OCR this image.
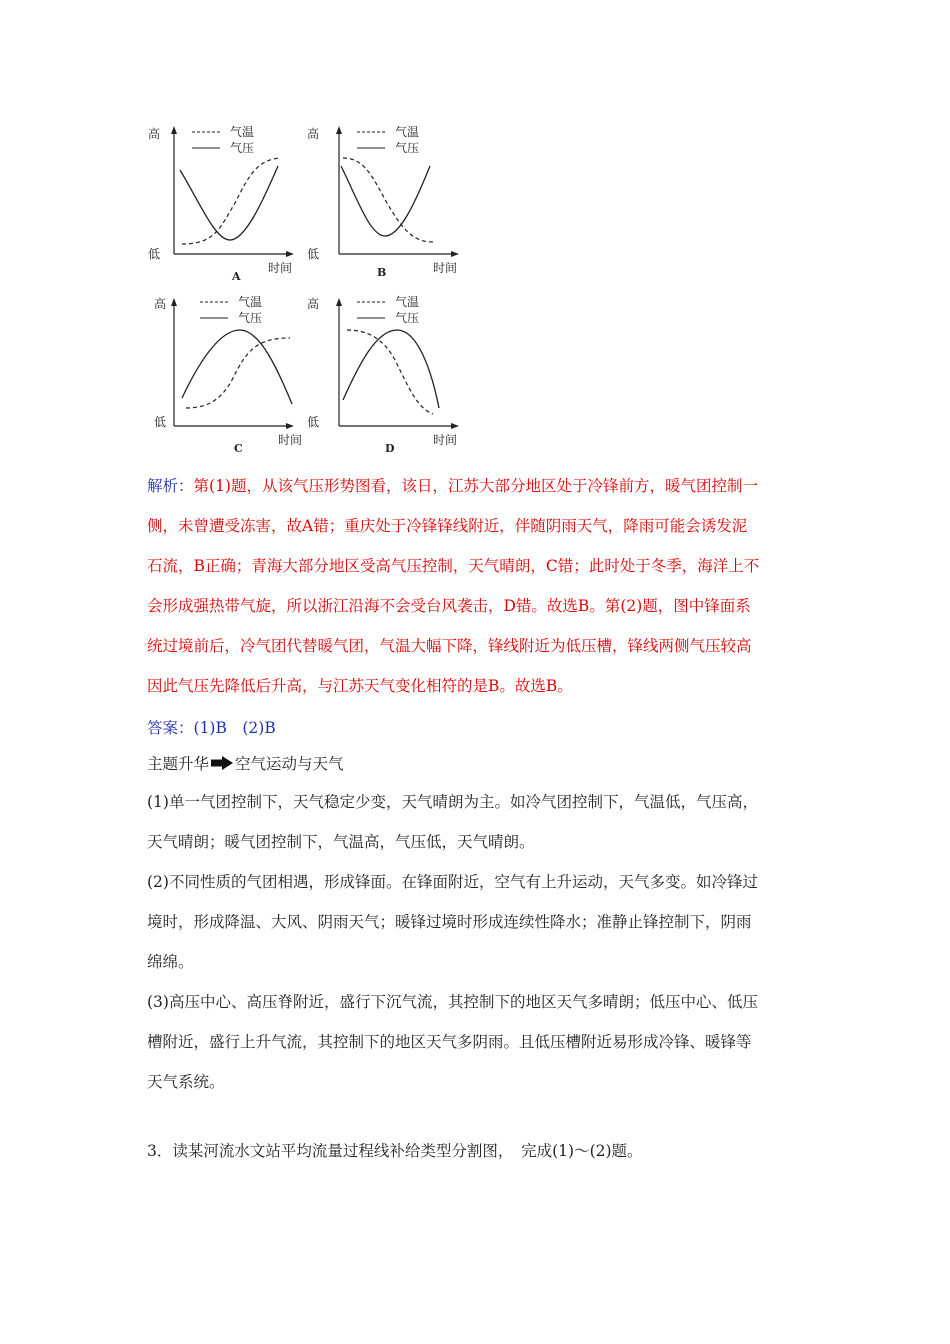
高
低
时间
A
气温
气压
高
低
时间
B
气温
气压
高
低
时间
C
气温
气压
高
低
时间
D
气温
气压
解析：第(1)题，从该气压形势图看，该日，江苏大部分地区处于冷锋前方，暖气团控制一
侧，未曾遭受冻害，故A错；重庆处于冷锋锋线附近，伴随阴雨天气，降雨可能会诱发泥
石流，B正确；青海大部分地区受高气压控制，天气晴朗，C错；此时处于冬季，海洋上不
会形成强热带气旋，所以浙江沿海不会受台风袭击，D错。故选B。第(2)题，图中锋面系
统过境前后，冷气团代替暖气团，气温大幅下降，锋线附近为低压槽，锋线两侧气压较高
因此气压先降低后升高，与江苏天气变化相符的是B。故选B。
答案：(1)B　(2)B
主题升华 空气运动与天气
(1)单一气团控制下，天气稳定少变，天气晴朗为主。如冷气团控制下，气温低，气压高，
天气晴朗；暖气团控制下，气温高，气压低，天气晴朗。
(2)不同性质的气团相遇，形成锋面。在锋面附近，空气有上升运动，天气多变。如冷锋过
境时，形成降温、大风、阴雨天气；暖锋过境时形成连续性降水；准静止锋控制下，阴雨
绵绵。
(3)高压中心、高压脊附近，盛行下沉气流，其控制下的地区天气多晴朗；低压中心、低压
槽附近，盛行上升气流，其控制下的地区天气多阴雨。且低压槽附近易形成冷锋、暖锋等
天气系统。
3．读某河流水文站平均流量过程线补给类型分割图，　完成(1)～(2)题。
